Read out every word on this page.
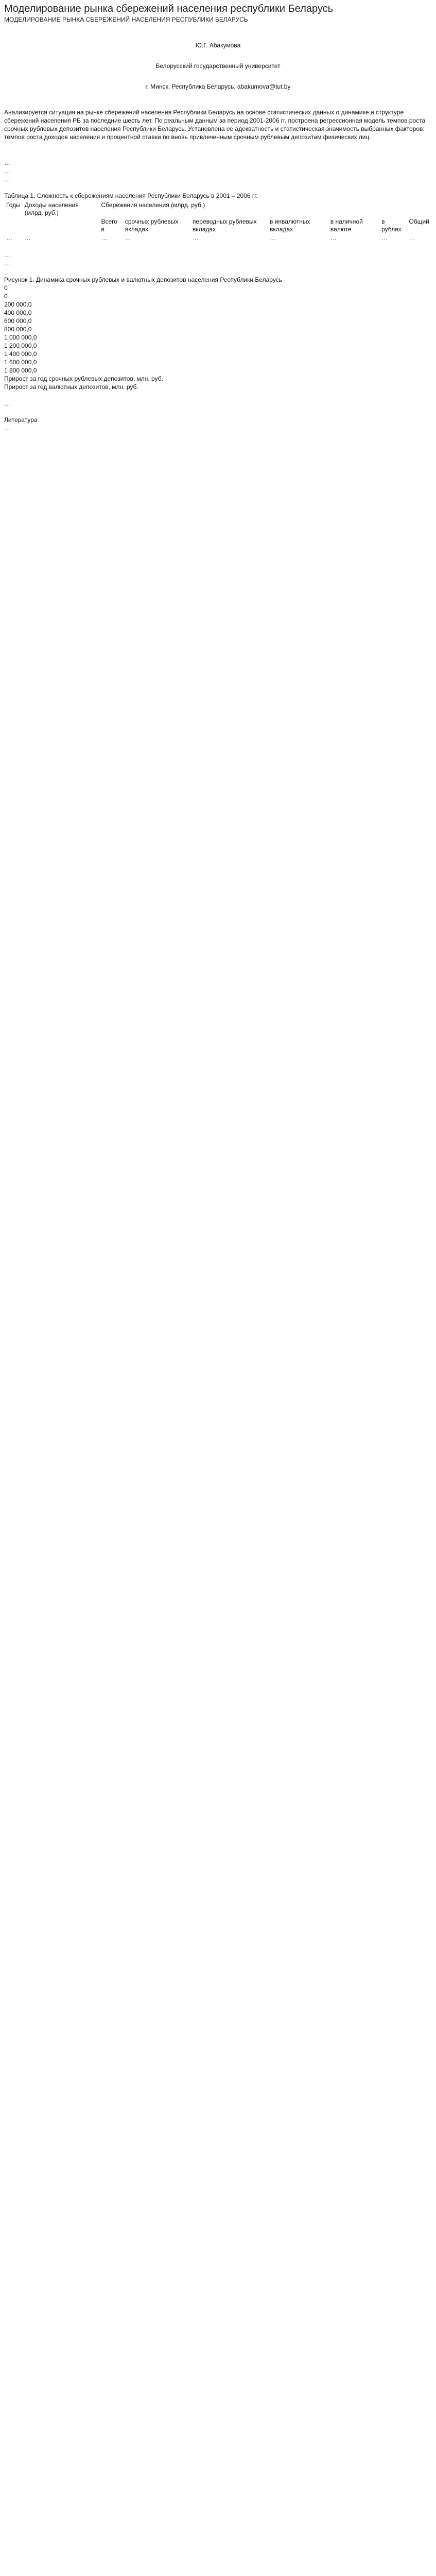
Моделирование рынка сбережений населения республики Беларусь
МОДЕЛИРОВАНИЕ РЫНКА СБЕРЕЖЕНИЙ НАСЕЛЕНИЯ РЕСПУБЛИКИ БЕЛАРУСЬ

Ю.Г. Абакумова

Белорусский государственный университет

г. Минск, Республика Беларусь, abakumova@tut.by

Анализируется ситуация на рынке сбережений населения Республики Беларусь на основе статистических данных о динамике и структуре сбережений населения РБ за последние шесть лет. По реальным данным за период 2001-2006 гг. построена регрессионная модель темпов роста срочных рублевых депозитов населения Республики Беларусь. Установлена ее адекватность и статистическая значимость выбранных факторов: темпов роста доходов населения и процентной ставки по вновь привлеченным срочным рублевым депозитам физических лиц.

…

…

…

Таблица 1. Сложность к сбережениям населения Республики Беларусь в 2001 – 2006 гг.

Годы	Доходы населения (млрд. руб.)	Сбережения населения (млрд. руб.)						
		Всего в	срочных рублевых вкладах	переводных рублевых вкладах	в инвалютных вкладах	в наличной валюте	в рублях	Общий
…	…	…	…	…	…	…	…	…

…

…

Рисунок 1. Динамика срочных рублевых и валютных депозитов населения Республики Беларусь

0

0

200 000,0

400 000,0

600 000,0

800 000,0

1 000 000,0

1 200 000,0

1 400 000,0

1 600 000,0

1 800 000,0

Прирост за год срочных рублевых депозитов, млн. руб.

Прирост за год валютных депозитов, млн. руб.

…

Литература

…
